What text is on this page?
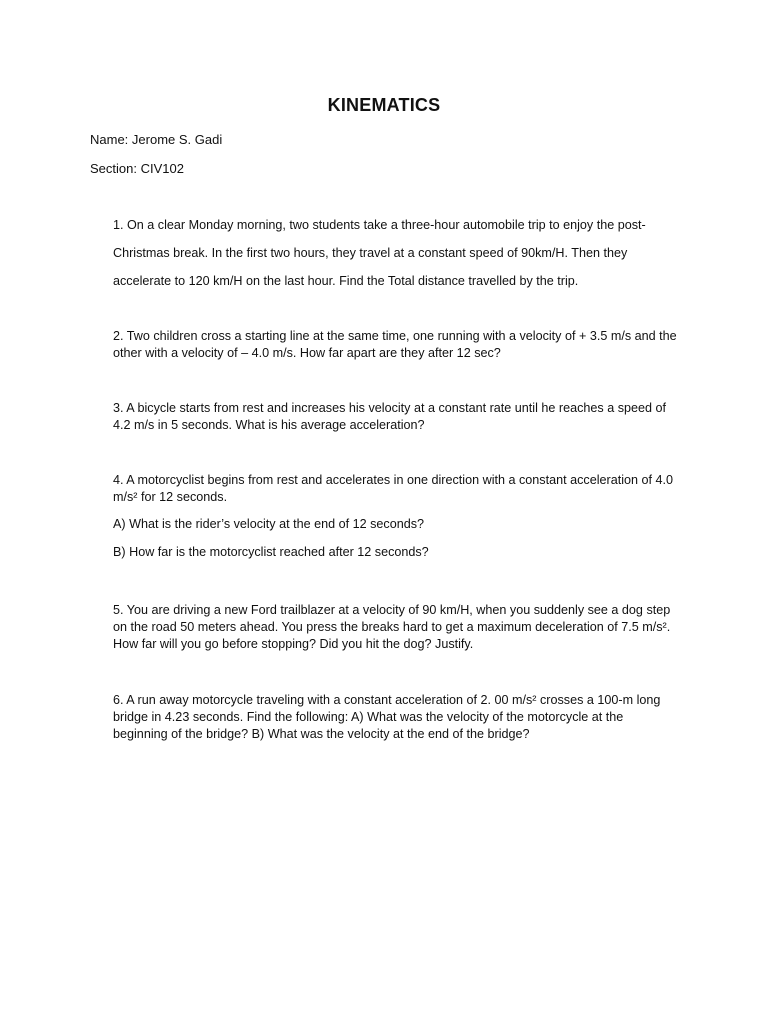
KINEMATICS
Name: Jerome S. Gadi
Section: CIV102

1. On a clear Monday morning, two students take a three-hour automobile trip to enjoy the post-

Christmas break. In the first two hours, they travel at a constant speed of 90km/H. Then they

accelerate to 120 km/H on the last hour. Find the Total distance travelled by the trip.

2. Two children cross a starting line at the same time, one running with a velocity of + 3.5 m/s and the other with a velocity of – 4.0 m/s. How far apart are they after 12 sec?

3. A bicycle starts from rest and increases his velocity at a constant rate until he reaches a speed of 4.2 m/s in 5 seconds. What is his average acceleration?

4. A motorcyclist begins from rest and accelerates in one direction with a constant acceleration of 4.0 m/s² for 12 seconds.

A) What is the rider’s velocity at the end of 12 seconds?

B) How far is the motorcyclist reached after 12 seconds?

5. You are driving a new Ford trailblazer at a velocity of 90 km/H, when you suddenly see a dog step on the road 50 meters ahead. You press the breaks hard to get a maximum deceleration of 7.5 m/s². How far will you go before stopping? Did you hit the dog? Justify.

6. A run away motorcycle traveling with a constant acceleration of 2. 00 m/s² crosses a 100-m long bridge in 4.23 seconds. Find the following: A) What was the velocity of the motorcycle at the beginning of the bridge? B) What was the velocity at the end of the bridge?
